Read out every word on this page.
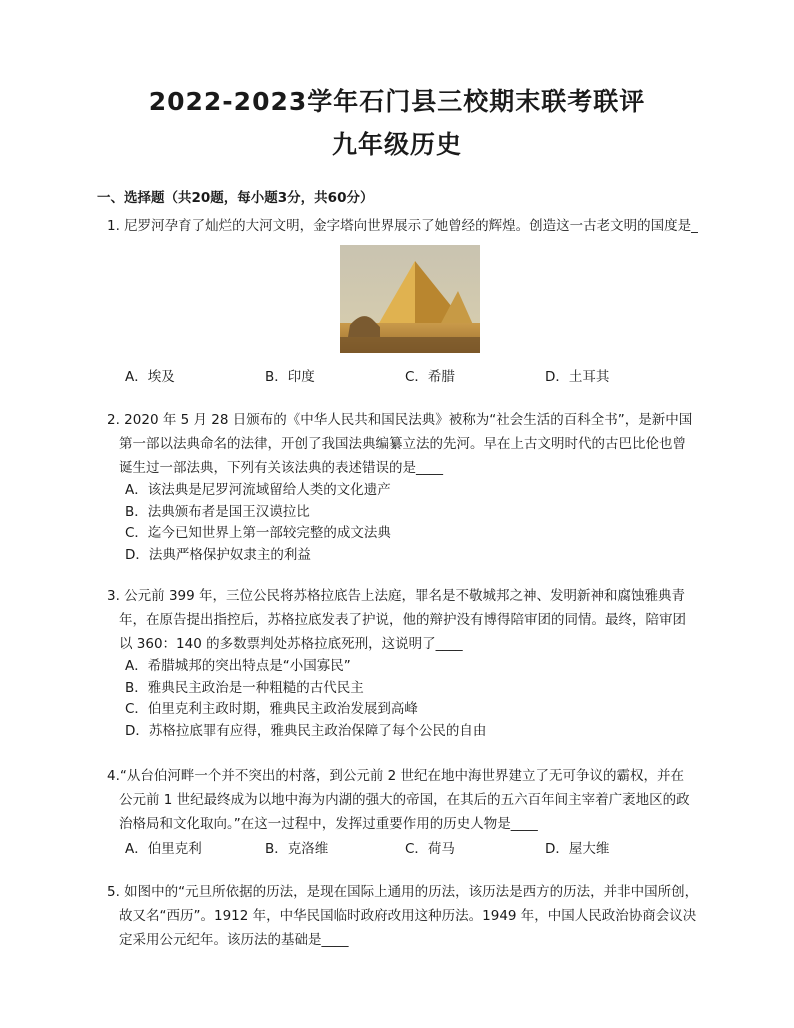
2022-2023学年石门县三校期末联考联评
九年级历史
一、选择题（共20题，每小题3分，共60分）
1. 尼罗河孕育了灿烂的大河文明，金字塔向世界展示了她曾经的辉煌。创造这一古老文明的国度是_
A．埃及	B．印度	C．希腊	D．土耳其
2. 2020 年 5 月 28 日颁布的《中华人民共和国民法典》被称为“社会生活的百科全书”，是新中国
第一部以法典命名的法律，开创了我国法典编纂立法的先河。早在上古文明时代的古巴比伦也曾
诞生过一部法典，下列有关该法典的表述错误的是____
A．该法典是尼罗河流域留给人类的文化遗产
B．法典颁布者是国王汉谟拉比
C．迄今已知世界上第一部较完整的成文法典
D．法典严格保护奴隶主的利益
3. 公元前 399 年，三位公民将苏格拉底告上法庭，罪名是不敬城邦之神、发明新神和腐蚀雅典青
年，在原告提出指控后，苏格拉底发表了护说，他的辩护没有博得陪审团的同情。最终，陪审团
以 360：140 的多数票判处苏格拉底死刑，这说明了____
A．希腊城邦的突出特点是“小国寡民”
B．雅典民主政治是一种粗糙的古代民主
C．伯里克利主政时期，雅典民主政治发展到高峰
D．苏格拉底罪有应得，雅典民主政治保障了每个公民的自由
4.“从台伯河畔一个并不突出的村落，到公元前 2 世纪在地中海世界建立了无可争议的霸权，并在
公元前 1 世纪最终成为以地中海为内湖的强大的帝国，在其后的五六百年间主宰着广袤地区的政
治格局和文化取向。”在这一过程中，发挥过重要作用的历史人物是____
A．伯里克利	B．克洛维	C．荷马	D．屋大维
5. 如图中的“元旦所依据的历法，是现在国际上通用的历法，该历法是西方的历法，并非中国所创，
故又名“西历”。1912 年，中华民国临时政府改用这种历法。1949 年，中国人民政治协商会议决
定采用公元纪年。该历法的基础是____
